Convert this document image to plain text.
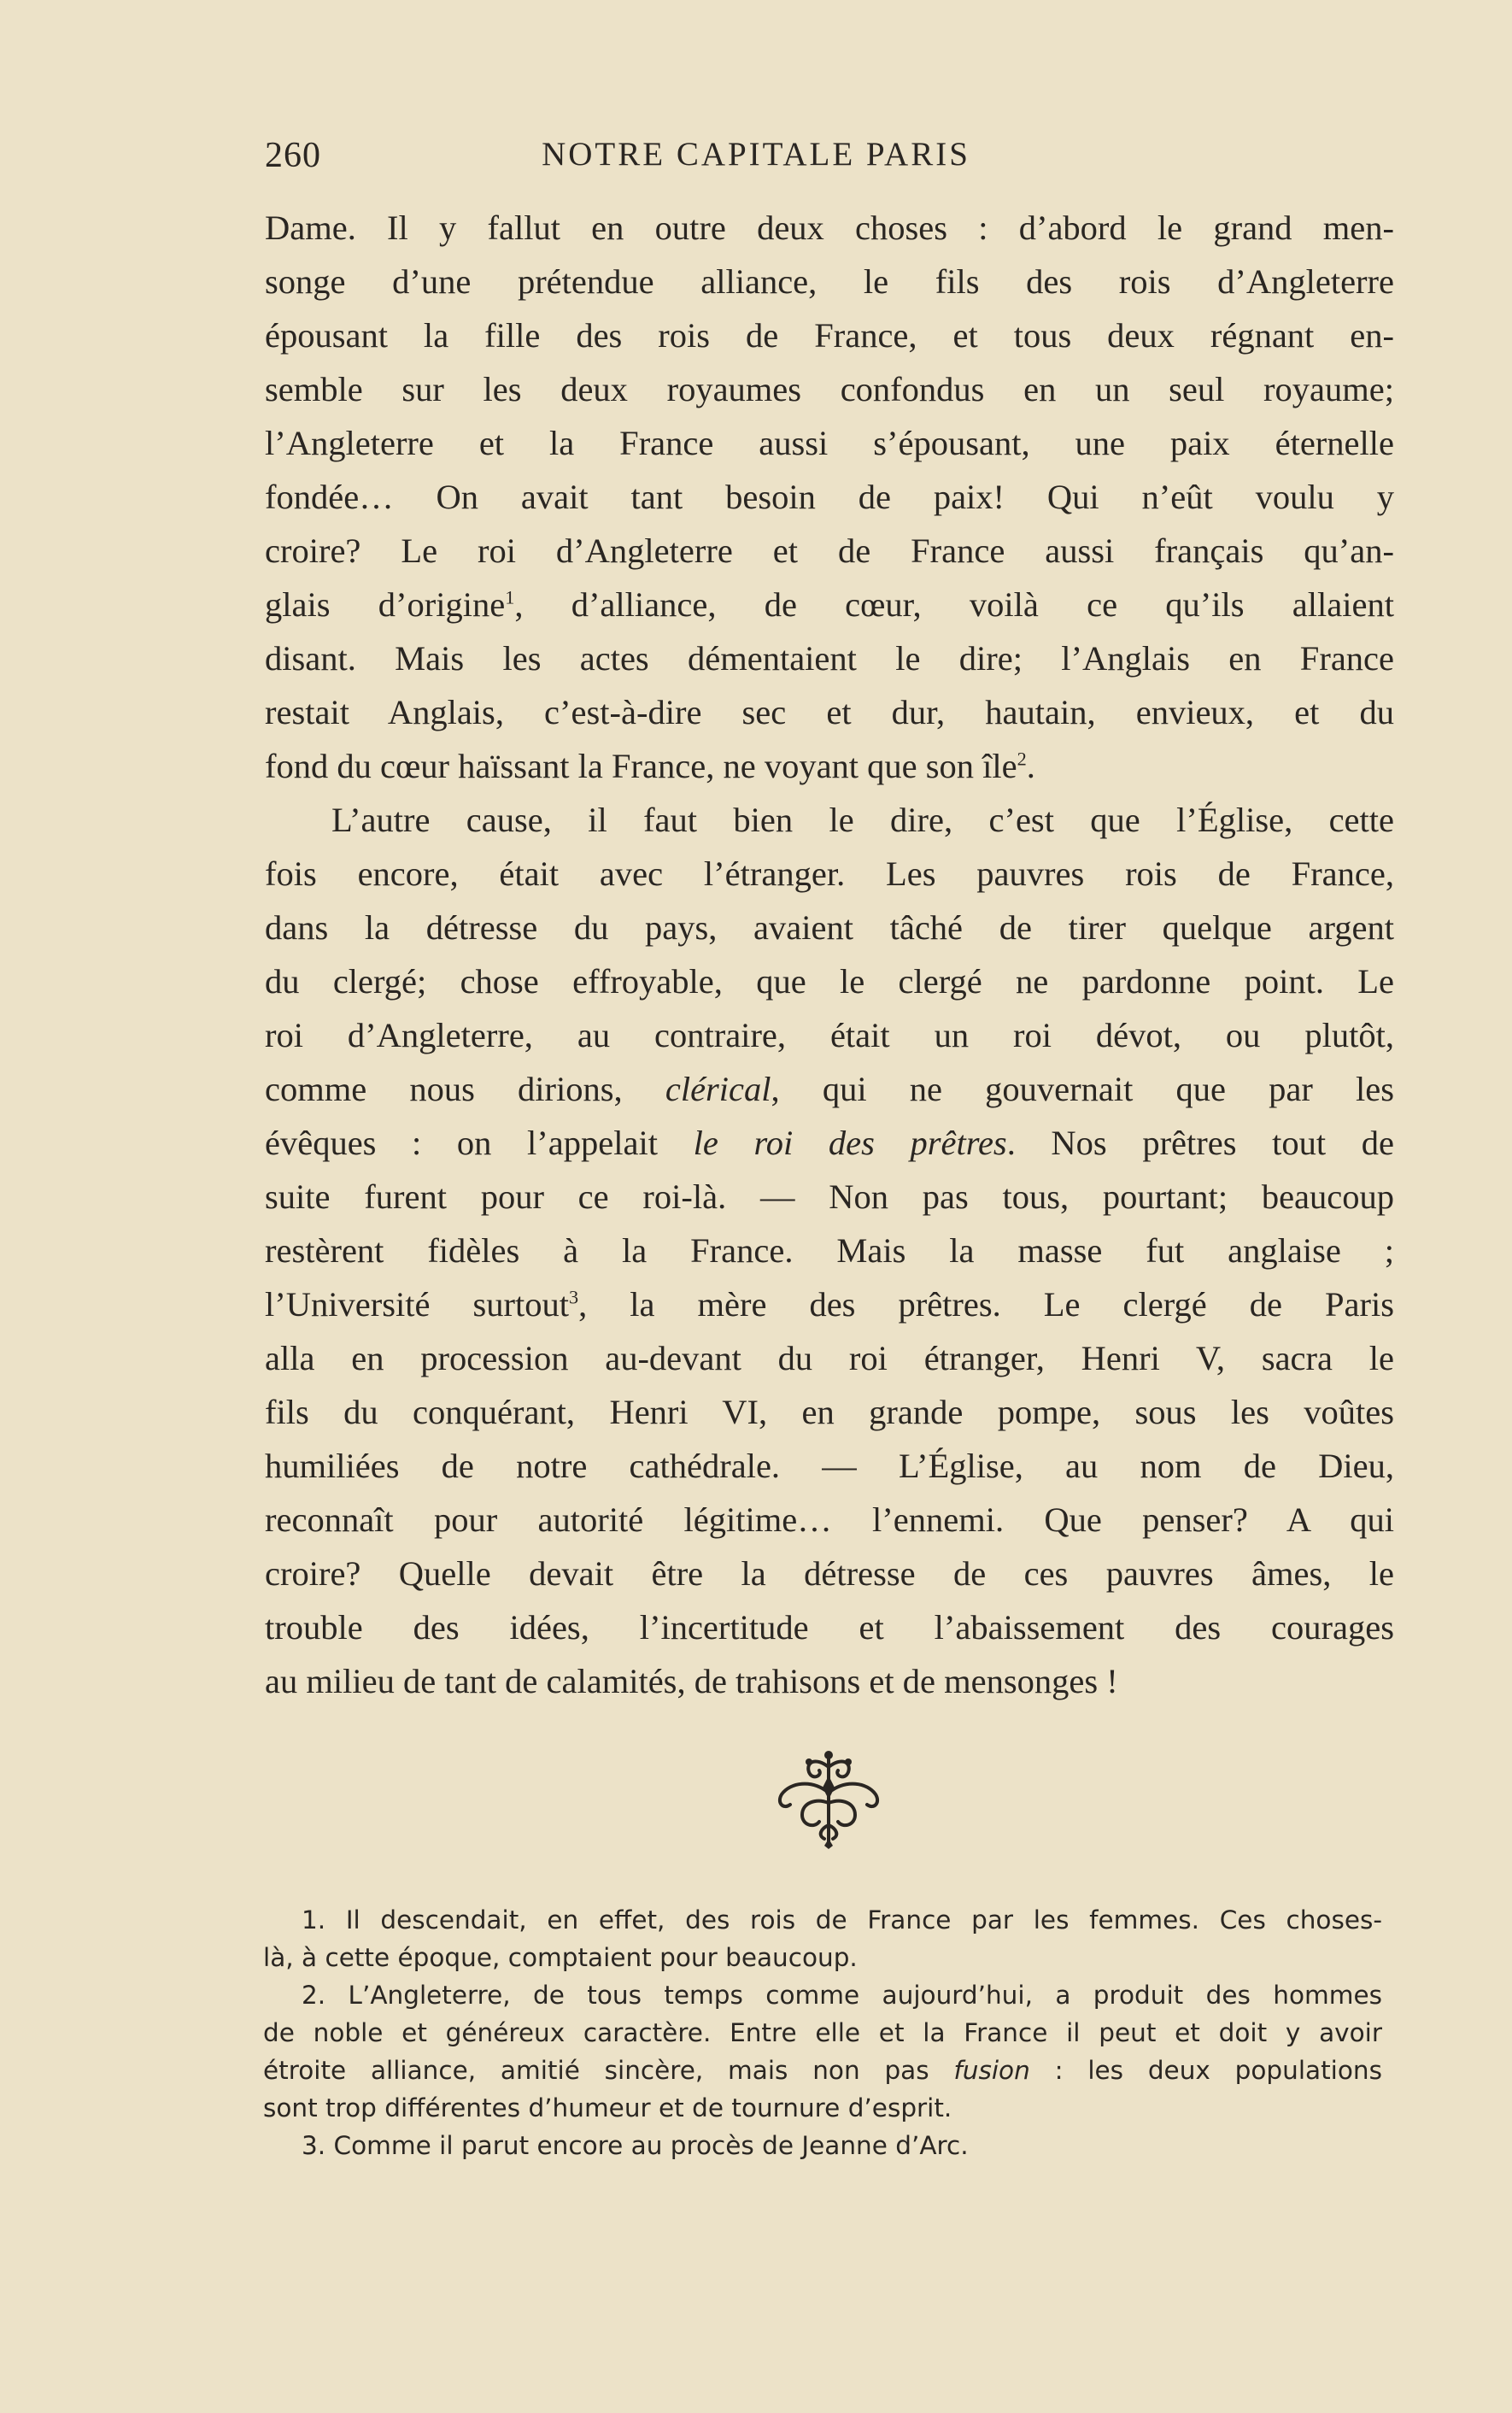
260	NOTRE CAPITALE PARIS
Dame. Il y fallut en outre deux choses : d’abord le grand men-
songe d’une prétendue alliance, le fils des rois d’Angleterre
épousant la fille des rois de France, et tous deux régnant en-
semble sur les deux royaumes confondus en un seul royaume;
l’Angleterre et la France aussi s’épousant, une paix éternelle
fondée… On avait tant besoin de paix! Qui n’eût voulu y
croire? Le roi d’Angleterre et de France aussi français qu’an-
glais d’origine$^1$, d’alliance, de cœur, voilà ce qu’ils allaient
disant. Mais les actes démentaient le dire; l’Anglais en France
restait Anglais, c’est-à-dire sec et dur, hautain, envieux, et du
fond du cœur haïssant la France, ne voyant que son île$^2$.
L’autre cause, il faut bien le dire, c’est que l’Église, cette
fois encore, était avec l’étranger. Les pauvres rois de France,
dans la détresse du pays, avaient tâché de tirer quelque argent
du clergé; chose effroyable, que le clergé ne pardonne point. Le
roi d’Angleterre, au contraire, était un roi dévot, ou plutôt,
comme nous dirions, clérical, qui ne gouvernait que par les
évêques : on l’appelait le roi des prêtres. Nos prêtres tout de
suite furent pour ce roi-là. — Non pas tous, pourtant; beaucoup
restèrent fidèles à la France. Mais la masse fut anglaise ;
l’Université surtout$^3$, la mère des prêtres. Le clergé de Paris
alla en procession au-devant du roi étranger, Henri V, sacra le
fils du conquérant, Henri VI, en grande pompe, sous les voûtes
humiliées de notre cathédrale. — L’Église, au nom de Dieu,
reconnaît pour autorité légitime… l’ennemi. Que penser? A qui
croire? Quelle devait être la détresse de ces pauvres âmes, le
trouble des idées, l’incertitude et l’abaissement des courages
au milieu de tant de calamités, de trahisons et de mensonges !
1. Il descendait, en effet, des rois de France par les femmes. Ces choses-
là, à cette époque, comptaient pour beaucoup.
2. L’Angleterre, de tous temps comme aujourd’hui, a produit des hommes
de noble et généreux caractère. Entre elle et la France il peut et doit y avoir
étroite alliance, amitié sincère, mais non pas fusion : les deux populations
sont trop différentes d’humeur et de tournure d’esprit.
3. Comme il parut encore au procès de Jeanne d’Arc.
